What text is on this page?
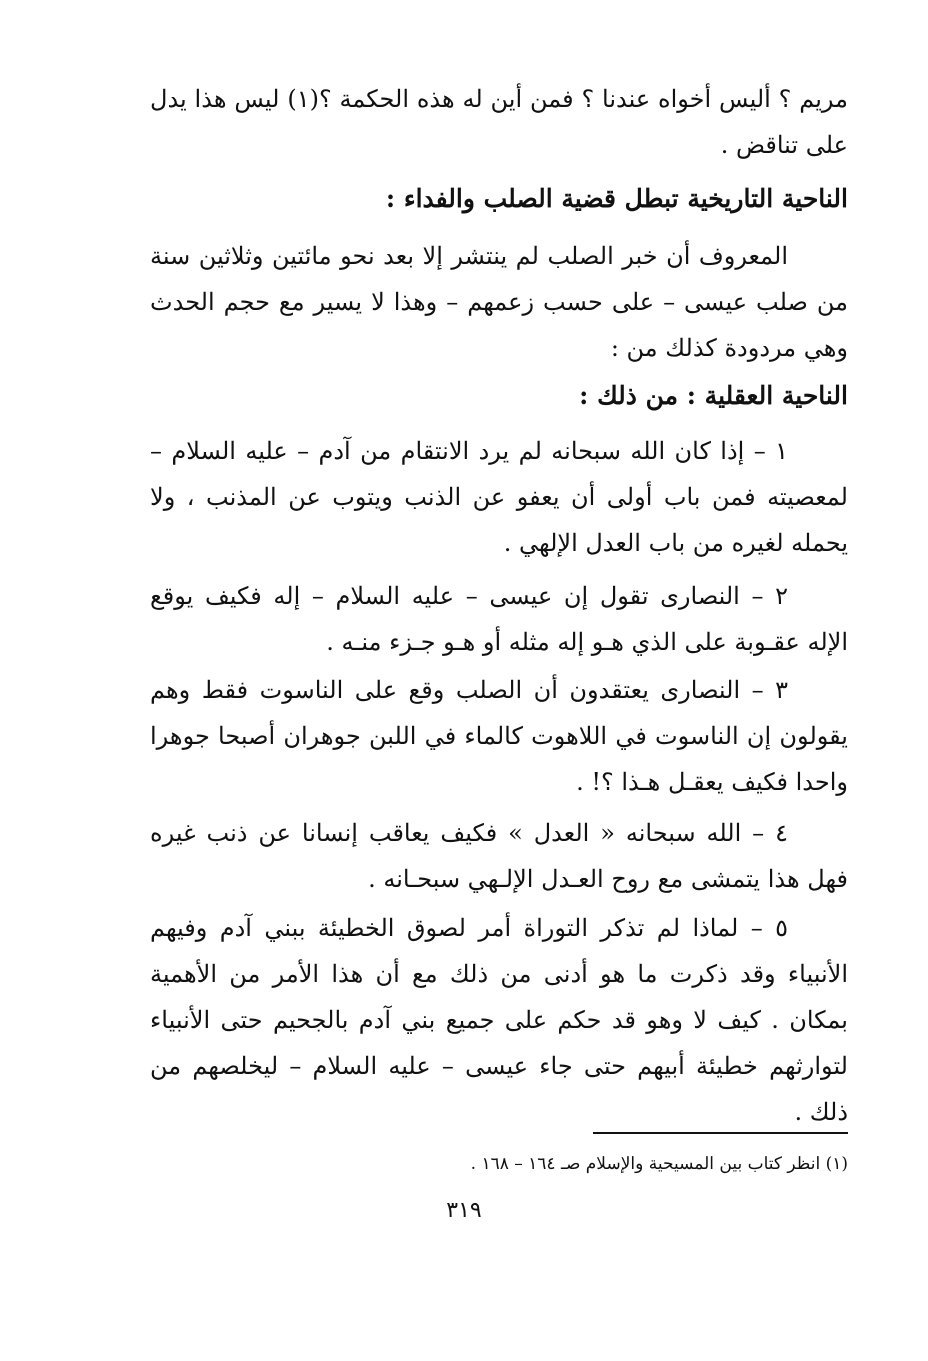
مريم ؟ أليس أخواه عندنا ؟ فمن أين له هذه الحكمة ؟(١) ليس هذا يدل على تناقض .

الناحية التاريخية تبطل قضية الصلب والفداء :

المعروف أن خبر الصلب لم ينتشر إلا بعد نحو مائتين وثلاثين سنة من صلب عيسى – على حسب زعمهم – وهذا لا يسير مع حجم الحدث وهي مردودة كذلك من :

الناحية العقلية : من ذلك :

١ – إذا كان الله سبحانه لم يرد الانتقام من آدم – عليه السلام – لمعصيته فمن باب أولى أن يعفو عن الذنب ويتوب عن المذنب ، ولا يحمله لغيره من باب العدل الإلهي .

٢ – النصارى تقول إن عيسى – عليه السلام – إله فكيف يوقع الإله عقـوبة على الذي هـو إله مثله أو هـو جـزء منـه .

٣ – النصارى يعتقدون أن الصلب وقع على الناسوت فقط وهم يقولون إن الناسوت في اللاهوت كالماء في اللبن جوهران أصبحا جوهرا واحدا فكيف يعقـل هـذا ؟! .

٤ – الله سبحانه « العدل » فكيف يعاقب إنسانا عن ذنب غيره فهل هذا يتمشى مع روح العـدل الإلـهي سبحـانه .

٥ – لماذا لم تذكر التوراة أمر لصوق الخطيئة ببني آدم وفيهم الأنبياء وقد ذكرت ما هو أدنى من ذلك مع أن هذا الأمر من الأهمية بمكان . كيف لا وهو قد حكم على جميع بني آدم بالجحيم حتى الأنبياء لتوارثهم خطيئة أبيهم حتى جاء عيسى – عليه السلام – ليخلصهم من ذلك .

(١) انظر كتاب بين المسيحية والإسلام صـ ١٦٤ – ١٦٨ .

٣١٩
